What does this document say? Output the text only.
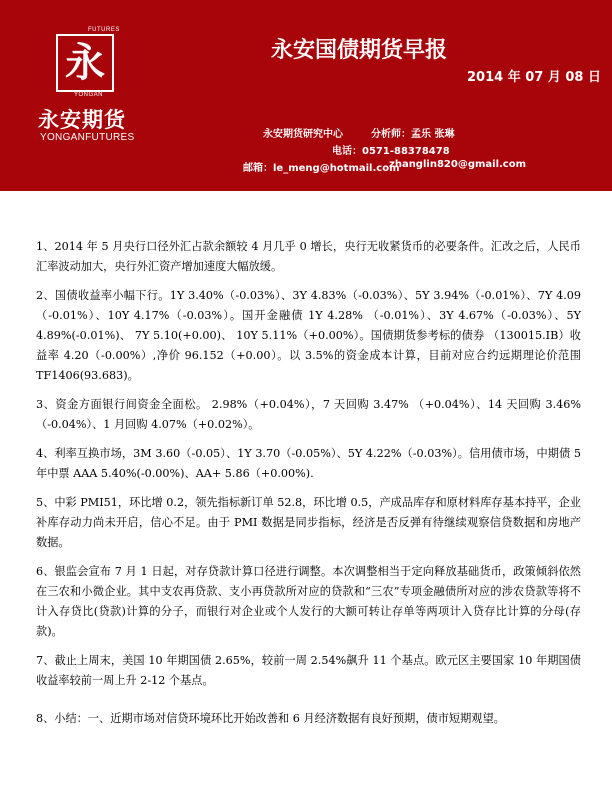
FUTURES
永
YONGAN
永安期货
YONGANFUTURES
永安国债期货早报
2014 年 07 月 08 日
永安期货研究中心	分析师：孟乐 张琳
电话：0571-88378478
邮箱：le_meng@hotmail.com
zhanglin820@gmail.com

1、2014 年 5 月央行口径外汇占款余额较 4 月几乎 0 增长，央行无收紧货币的必要条件。汇改之后，人民币汇率波动加大，央行外汇资产增加速度大幅放缓。

2、国债收益率小幅下行。1Y 3.40%（-0.03%）、3Y 4.83%（-0.03%）、5Y 3.94%（-0.01%）、7Y 4.09（-0.01%）、10Y 4.17%（-0.03%）。国开金融债 1Y 4.28% （-0.01%）、3Y 4.67%（-0.03%）、5Y 4.89%(-0.01%)、 7Y 5.10(+0.00)、 10Y 5.11%（+0.00%）。国债期货参考标的债券 （130015.IB）收益率 4.20（-0.00%）,净价 96.152（+0.00）。以 3.5%的资金成本计算，目前对应合约远期理论价范围 TF1406(93.683)。

3、资金方面银行间资金全面松。 2.98%（+0.04%），7 天回购 3.47% （+0.04%）、14 天回购 3.46%（-0.04%）、1 月回购 4.07%（+0.02%）。

4、利率互换市场，3M 3.60（-0.05）、1Y 3.70（-0.05%）、5Y 4.22%（-0.03%）。信用债市场，中期债 5 年中票 AAA 5.40%(-0.00%)、AA+ 5.86（+0.00%).

5、中彩 PMI51，环比增 0.2，领先指标新订单 52.8，环比增 0.5，产成品库存和原材料库存基本持平，企业补库存动力尚未开启，信心不足。由于 PMI 数据是同步指标，经济是否反弹有待继续观察信贷数据和房地产数据。

6、银监会宣布 7 月 1 日起，对存贷款计算口径进行调整。本次调整相当于定向释放基础货币，政策倾斜依然在三农和小微企业。其中支农再贷款、支小再贷款所对应的贷款和“三农”专项金融债所对应的涉农贷款等将不计入存贷比(贷款)计算的分子，而银行对企业或个人发行的大额可转让存单等两项计入贷存比计算的分母(存款)。

7、截止上周末，美国 10 年期国债 2.65%，较前一周 2.54%飙升 11 个基点。欧元区主要国家 10 年期国债收益率较前一周上升 2-12 个基点。

8、小结：一、近期市场对信贷环境环比开始改善和 6 月经济数据有良好预期，债市短期观望。
